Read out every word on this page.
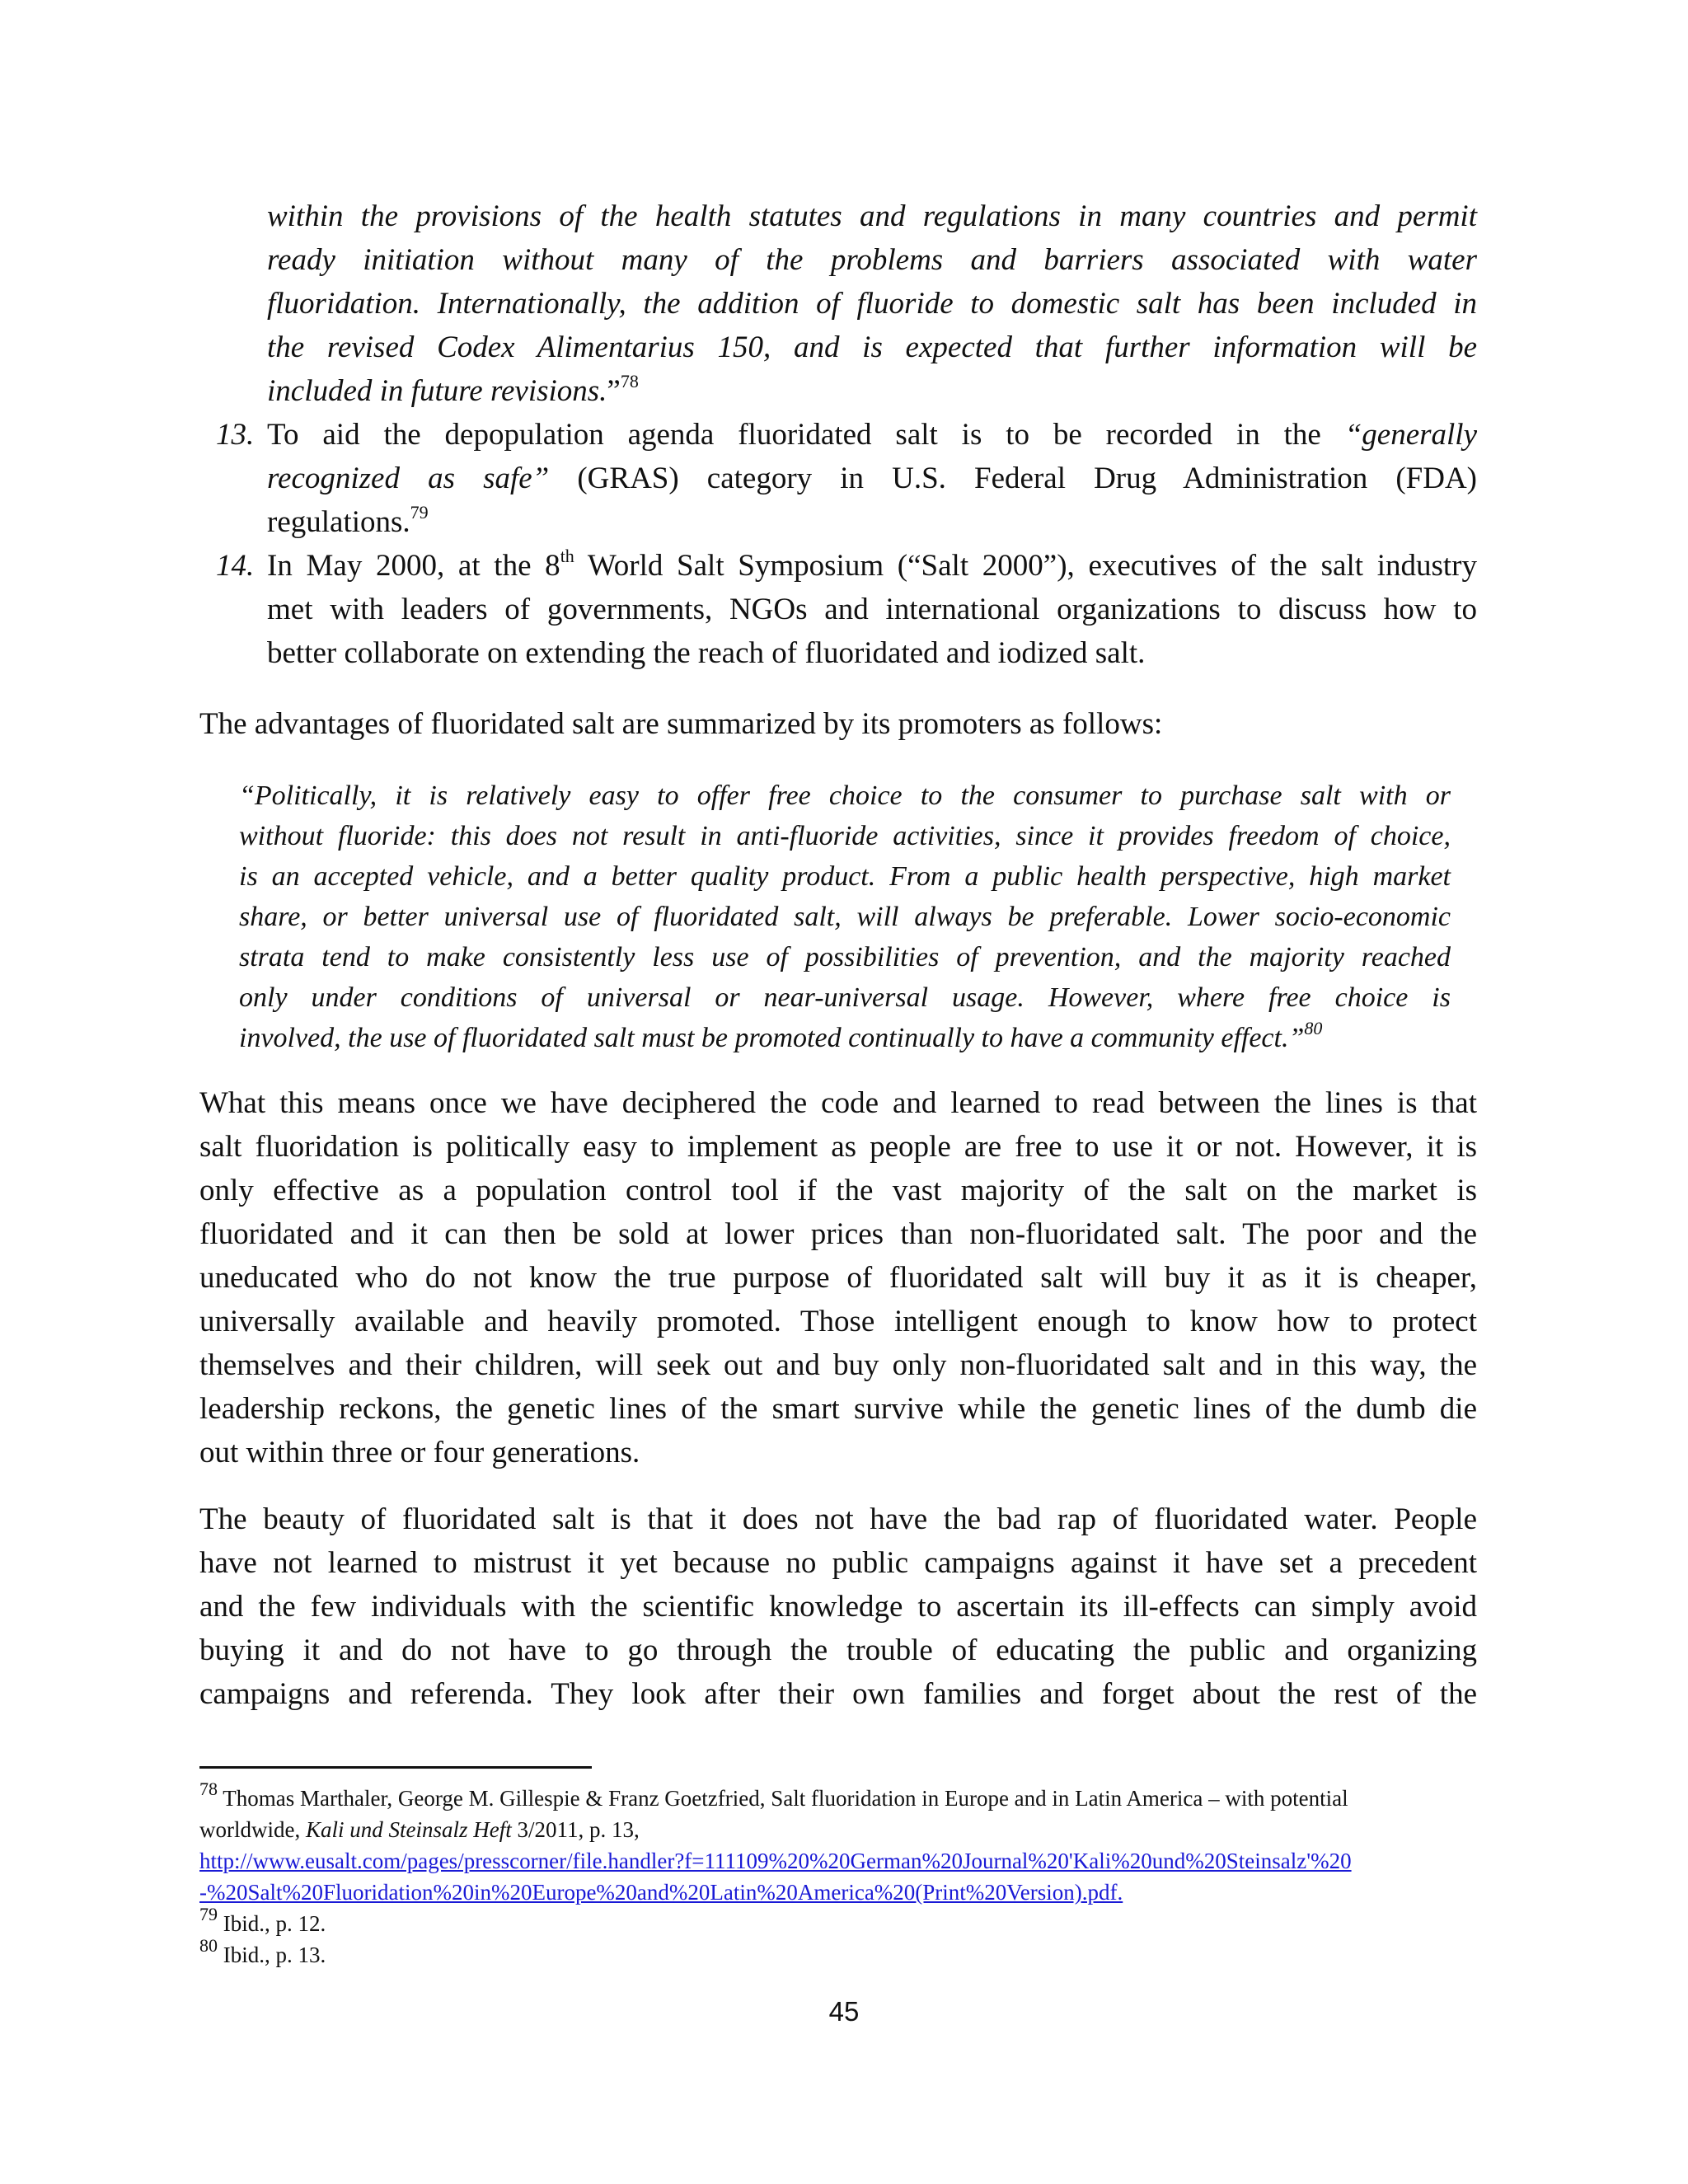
within the provisions of the health statutes and regulations in many countries and permit
ready initiation without many of the problems and barriers associated with water
fluoridation. Internationally, the addition of fluoride to domestic salt has been included in
the revised Codex Alimentarius 150, and is expected that further information will be
included in future revisions.”$^{78}$
13. To aid the depopulation agenda fluoridated salt is to be recorded in the “generally
recognized as safe” (GRAS) category in U.S. Federal Drug Administration (FDA)
regulations.$^{79}$
14. In May 2000, at the 8th World Salt Symposium (“Salt 2000”), executives of the salt industry
met with leaders of governments, NGOs and international organizations to discuss how to
better collaborate on extending the reach of fluoridated and iodized salt.
The advantages of fluoridated salt are summarized by its promoters as follows:
“Politically, it is relatively easy to offer free choice to the consumer to purchase salt with or
without fluoride: this does not result in anti-fluoride activities, since it provides freedom of choice,
is an accepted vehicle, and a better quality product. From a public health perspective, high market
share, or better universal use of fluoridated salt, will always be preferable. Lower socio-economic
strata tend to make consistently less use of possibilities of prevention, and the majority reached
only under conditions of universal or near-universal usage. However, where free choice is
involved, the use of fluoridated salt must be promoted continually to have a community effect.”$^{80}$
What this means once we have deciphered the code and learned to read between the lines is that
salt fluoridation is politically easy to implement as people are free to use it or not. However, it is
only effective as a population control tool if the vast majority of the salt on the market is
fluoridated and it can then be sold at lower prices than non-fluoridated salt. The poor and the
uneducated who do not know the true purpose of fluoridated salt will buy it as it is cheaper,
universally available and heavily promoted. Those intelligent enough to know how to protect
themselves and their children, will seek out and buy only non-fluoridated salt and in this way, the
leadership reckons, the genetic lines of the smart survive while the genetic lines of the dumb die
out within three or four generations.
The beauty of fluoridated salt is that it does not have the bad rap of fluoridated water. People
have not learned to mistrust it yet because no public campaigns against it have set a precedent
and the few individuals with the scientific knowledge to ascertain its ill-effects can simply avoid
buying it and do not have to go through the trouble of educating the public and organizing
campaigns and referenda. They look after their own families and forget about the rest of the
$^{78}$ Thomas Marthaler, George M. Gillespie & Franz Goetzfried, Salt fluoridation in Europe and in Latin America – with potential
worldwide, Kali und Steinsalz Heft 3/2011, p. 13,
http://www.eusalt.com/pages/presscorner/file.handler?f=111109%20%20German%20Journal%20'Kali%20und%20Steinsalz'%20
-%20Salt%20Fluoridation%20in%20Europe%20and%20Latin%20America%20(Print%20Version).pdf.
$^{79}$ Ibid., p. 12.
$^{80}$ Ibid., p. 13.
45
